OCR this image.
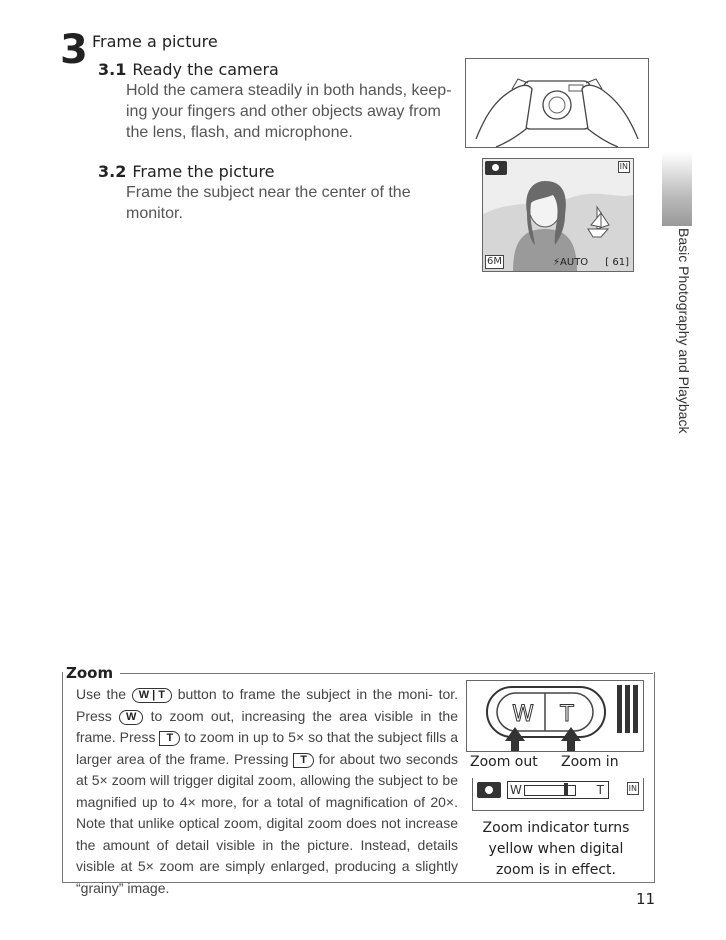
3 Frame a picture
3.1 Ready the camera
Hold the camera steadily in both hands, keep-
ing your fingers and other objects away from
the lens, flash, and microphone.
3.2 Frame the picture
Frame the subject near the center of the
monitor.
IN
6M	⚡AUTO [ 61]	Basic Photography and Playback
Zoom
Use the W | T button to frame the subject in the moni- tor. Press W to zoom out, increasing the area visible in the frame. Press T to zoom in up to 5× so that the subject fills a larger area of the frame. Pressing T for about two seconds at 5× zoom will trigger digital zoom, allowing the subject to be magnified up to 4× more, for a total of magnification of 20×. Note that unlike optical zoom, digital zoom does not increase the amount of detail visible in the picture. Instead, details visible at 5× zoom are simply enlarged, producing a slightly “grainy” image.
W T
Zoom out Zoom in
W	T	IN
Zoom indicator turns yellow when digital zoom is in effect.
11
